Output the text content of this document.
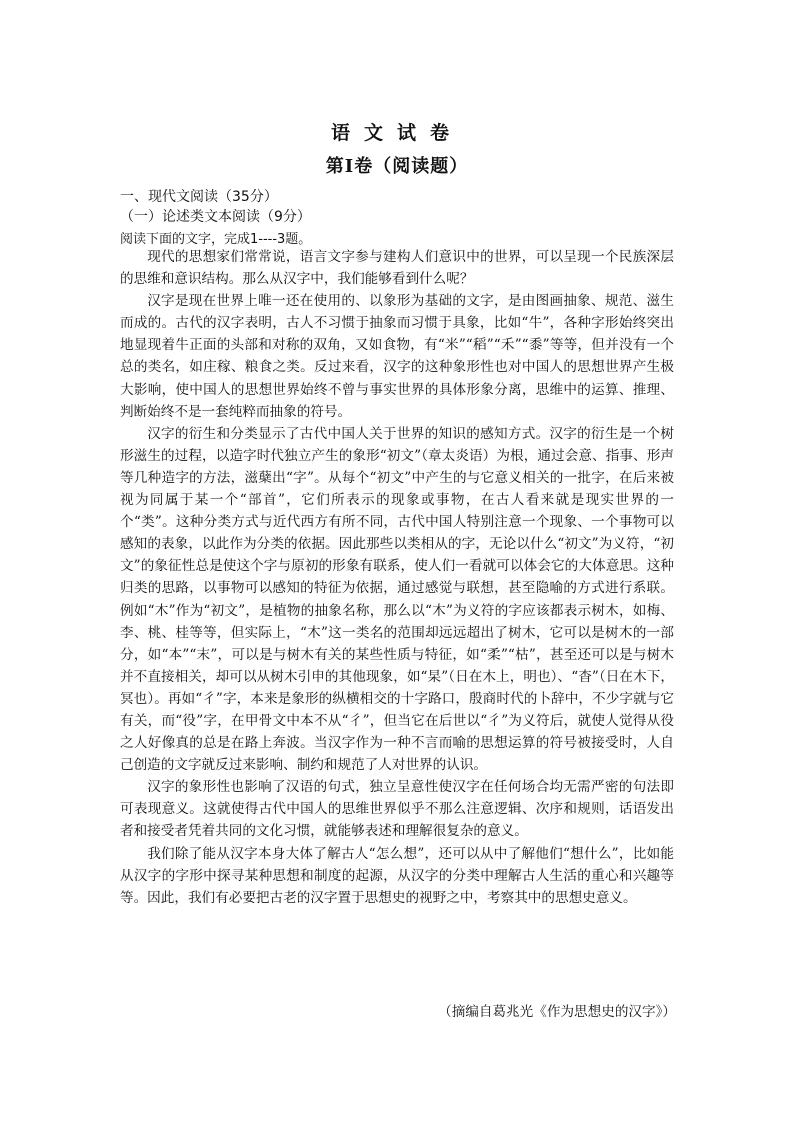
语文试卷
第Ⅰ卷（阅读题）
一、现代文阅读（35分）
（一）论述类文本阅读（9分）
阅读下面的文字，完成1----3题。

现代的思想家们常常说，语言文字参与建构人们意识中的世界，可以呈现一个民族深层的思维和意识结构。那么从汉字中，我们能够看到什么呢？

汉字是现在世界上唯一还在使用的、以象形为基础的文字，是由图画抽象、规范、滋生而成的。古代的汉字表明，古人不习惯于抽象而习惯于具象，比如“牛”，各种字形始终突出地显现着牛正面的头部和对称的双角，又如食物，有“米”“稻”“禾”“黍”等等，但并没有一个总的类名，如庄稼、粮食之类。反过来看，汉字的这种象形性也对中国人的思想世界产生极大影响，使中国人的思想世界始终不曾与事实世界的具体形象分离，思维中的运算、推理、判断始终不是一套纯粹而抽象的符号。

汉字的衍生和分类显示了古代中国人关于世界的知识的感知方式。汉字的衍生是一个树形滋生的过程，以造字时代独立产生的象形“初文”（章太炎语）为根，通过会意、指事、形声等几种造字的方法，滋蘖出“字”。从每个“初文”中产生的与它意义相关的一批字，在后来被视为同属于某一个“部首”，它们所表示的现象或事物，在古人看来就是现实世界的一个“类”。这种分类方式与近代西方有所不同，古代中国人特别注意一个现象、一个事物可以感知的表象，以此作为分类的依据。因此那些以类相从的字，无论以什么“初文”为义符，“初文”的象征性总是使这个字与原初的形象有联系，使人们一看就可以体会它的大体意思。这种归类的思路，以事物可以感知的特征为依据，通过感觉与联想，甚至隐喻的方式进行系联。例如“木”作为“初文”，是植物的抽象名称，那么以“木”为义符的字应该都表示树木，如梅、李、桃、桂等等，但实际上，“木”这一类名的范围却远远超出了树木，它可以是树木的一部分，如“本”“末”，可以是与树木有关的某些性质与特征，如“柔”“枯”，甚至还可以是与树木并不直接相关，却可以从树木引申的其他现象，如“杲”（日在木上，明也）、“杳”（日在木下，冥也）。再如“彳”字，本来是象形的纵横相交的十字路口，殷商时代的卜辞中，不少字就与它有关，而“役”字，在甲骨文中本不从“彳”，但当它在后世以“彳”为义符后，就使人觉得从役之人好像真的总是在路上奔波。当汉字作为一种不言而喻的思想运算的符号被接受时，人自己创造的文字就反过来影响、制约和规范了人对世界的认识。

汉字的象形性也影响了汉语的句式，独立呈意性使汉字在任何场合均无需严密的句法即可表现意义。这就使得古代中国人的思维世界似乎不那么注意逻辑、次序和规则，话语发出者和接受者凭着共同的文化习惯，就能够表述和理解很复杂的意义。

我们除了能从汉字本身大体了解古人“怎么想”，还可以从中了解他们“想什么”，比如能从汉字的字形中探寻某种思想和制度的起源，从汉字的分类中理解古人生活的重心和兴趣等等。因此，我们有必要把古老的汉字置于思想史的视野之中，考察其中的思想史意义。

（摘编自葛兆光《作为思想史的汉字》）
